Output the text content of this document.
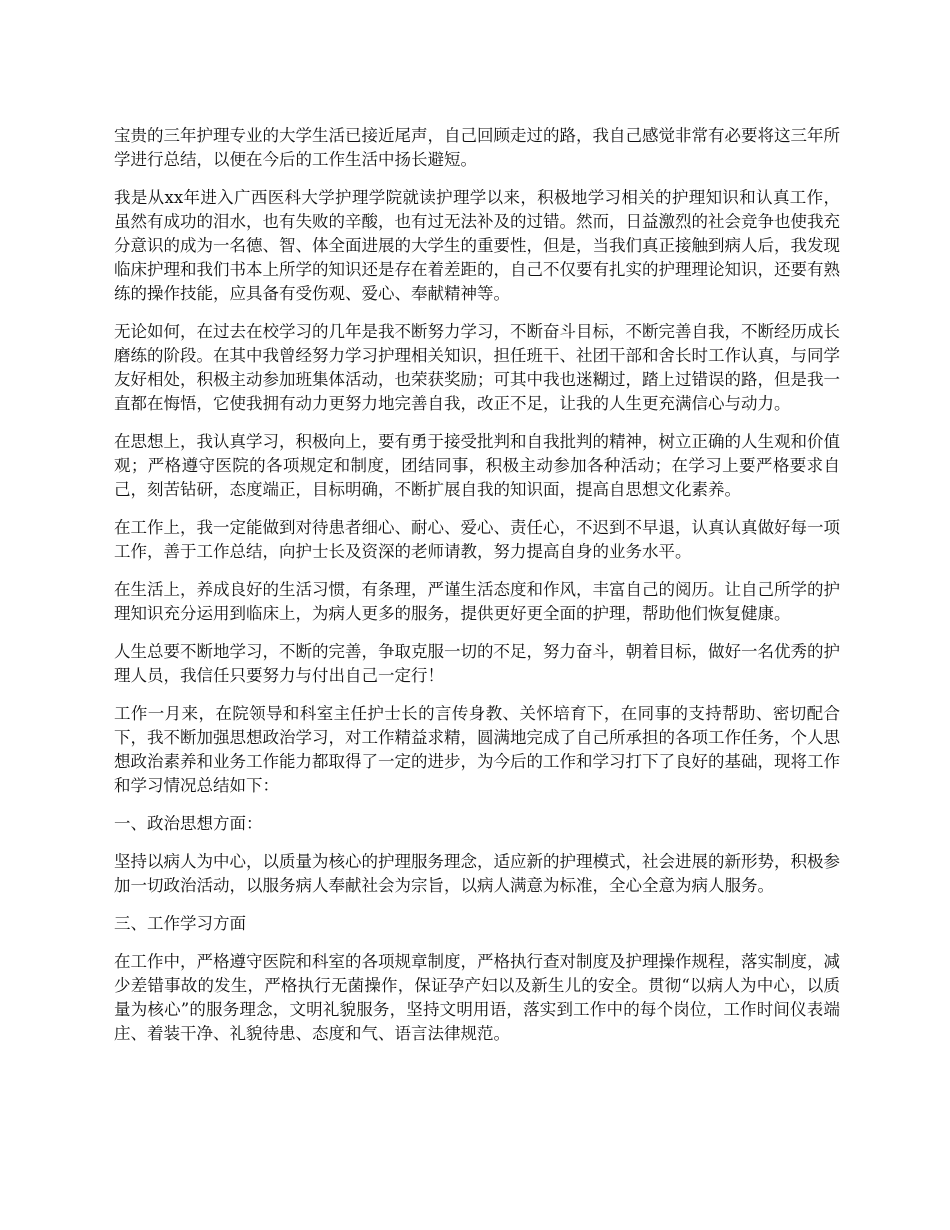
宝贵的三年护理专业的大学生活已接近尾声，自己回顾走过的路，我自己感觉非常有必要将这三年所学进行总结，以便在今后的工作生活中扬长避短。

我是从xx年进入广西医科大学护理学院就读护理学以来，积极地学习相关的护理知识和认真工作，虽然有成功的泪水，也有失败的辛酸，也有过无法补及的过错。然而，日益激烈的社会竞争也使我充分意识的成为一名德、智、体全面进展的大学生的重要性，但是，当我们真正接触到病人后，我发现临床护理和我们书本上所学的知识还是存在着差距的，自己不仅要有扎实的护理理论知识，还要有熟练的操作技能，应具备有受伤观、爱心、奉献精神等。

无论如何，在过去在校学习的几年是我不断努力学习，不断奋斗目标，不断完善自我，不断经历成长磨练的阶段。在其中我曾经努力学习护理相关知识，担任班干、社团干部和舍长时工作认真，与同学友好相处，积极主动参加班集体活动，也荣获奖励；可其中我也迷糊过，踏上过错误的路，但是我一直都在悔悟，它使我拥有动力更努力地完善自我，改正不足，让我的人生更充满信心与动力。

在思想上，我认真学习，积极向上，要有勇于接受批判和自我批判的精神，树立正确的人生观和价值观；严格遵守医院的各项规定和制度，团结同事，积极主动参加各种活动；在学习上要严格要求自己，刻苦钻研，态度端正，目标明确，不断扩展自我的知识面，提高自思想文化素养。

在工作上，我一定能做到对待患者细心、耐心、爱心、责任心，不迟到不早退，认真认真做好每一项工作，善于工作总结，向护士长及资深的老师请教，努力提高自身的业务水平。

在生活上，养成良好的生活习惯，有条理，严谨生活态度和作风，丰富自己的阅历。让自己所学的护理知识充分运用到临床上，为病人更多的服务，提供更好更全面的护理，帮助他们恢复健康。

人生总要不断地学习，不断的完善，争取克服一切的不足，努力奋斗，朝着目标，做好一名优秀的护理人员，我信任只要努力与付出自己一定行！

工作一月来，在院领导和科室主任护士长的言传身教、关怀培育下，在同事的支持帮助、密切配合下，我不断加强思想政治学习，对工作精益求精，圆满地完成了自己所承担的各项工作任务，个人思想政治素养和业务工作能力都取得了一定的进步，为今后的工作和学习打下了良好的基础，现将工作和学习情况总结如下：

一、政治思想方面：

坚持以病人为中心，以质量为核心的护理服务理念，适应新的护理模式，社会进展的新形势，积极参加一切政治活动，以服务病人奉献社会为宗旨，以病人满意为标准，全心全意为病人服务。

三、工作学习方面

在工作中，严格遵守医院和科室的各项规章制度，严格执行查对制度及护理操作规程，落实制度，减少差错事故的发生，严格执行无菌操作，保证孕产妇以及新生儿的安全。贯彻“以病人为中心，以质量为核心”的服务理念，文明礼貌服务，坚持文明用语，落实到工作中的每个岗位，工作时间仪表端庄、着装干净、礼貌待患、态度和气、语言法律规范。
